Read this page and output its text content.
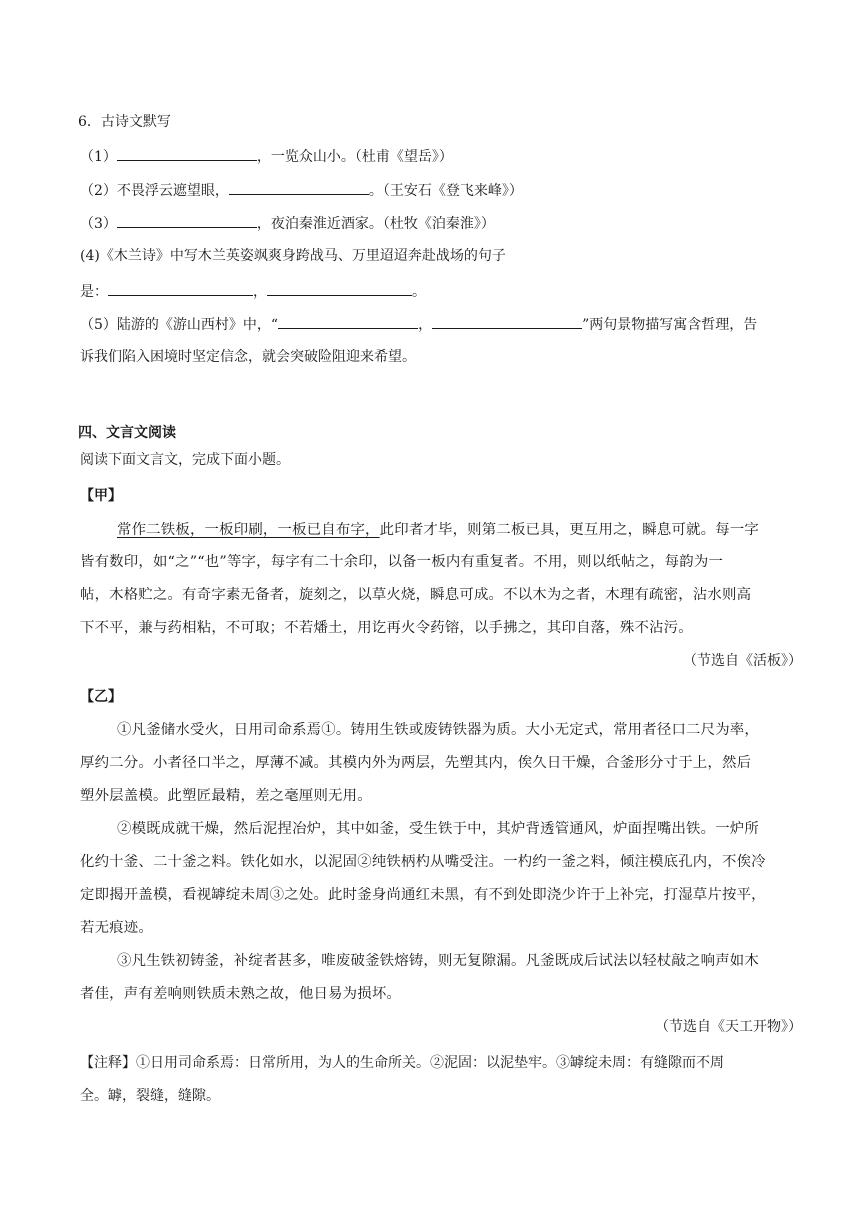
6．古诗文默写
（1）	，一览众山小。（杜甫《望岳》）
（2）不畏浮云遮望眼，	。（王安石《登飞来峰》）
（3）	，夜泊秦淮近酒家。（杜牧《泊秦淮》）
(4)《木兰诗》中写木兰英姿飒爽身跨战马、万里迢迢奔赴战场的句子
是：	，	。
（5）陆游的《游山西村》中，“	，	”两句景物描写寓含哲理，告
诉我们陷入困境时坚定信念，就会突破险阻迎来希望。
四、文言文阅读
阅读下面文言文，完成下面小题。
【甲】
常作二铁板，一板印刷，一板已自布字，此印者才毕，则第二板已具，更互用之，瞬息可就。每一字
皆有数印，如“之”“也”等字，每字有二十余印，以备一板内有重复者。不用，则以纸帖之，每韵为一
帖，木格贮之。有奇字素无备者，旋刻之，以草火烧，瞬息可成。不以木为之者，木理有疏密，沾水则高
下不平，兼与药相粘，不可取；不若燔土，用讫再火令药镕，以手拂之，其印自落，殊不沾污。
（节选自《活板》）
【乙】
①凡釜储水受火，日用司命系焉①。铸用生铁或废铸铁器为质。大小无定式，常用者径口二尺为率，
厚约二分。小者径口半之，厚薄不减。其模内外为两层，先塑其内，俟久日干燥，合釜形分寸于上，然后
塑外层盖模。此塑匠最精，差之毫厘则无用。
②模既成就干燥，然后泥捏冶炉，其中如釜，受生铁于中，其炉背透管通风，炉面捏嘴出铁。一炉所
化约十釜、二十釜之料。铁化如水，以泥固②纯铁柄杓从嘴受注。一杓约一釜之料，倾注模底孔内，不俟冷
定即揭开盖模，看视罅绽未周③之处。此时釜身尚通红未黑，有不到处即浇少许于上补完，打湿草片按平，
若无痕迹。
③凡生铁初铸釜，补绽者甚多，唯废破釜铁熔铸，则无复隙漏。凡釜既成后试法以轻杖敲之响声如木
者佳，声有差响则铁质未熟之故，他日易为损坏。
（节选自《天工开物》）
【注释】①日用司命系焉：日常所用，为人的生命所关。②泥固：以泥垫牢。③罅绽未周：有缝隙而不周
全。罅，裂缝，缝隙。
